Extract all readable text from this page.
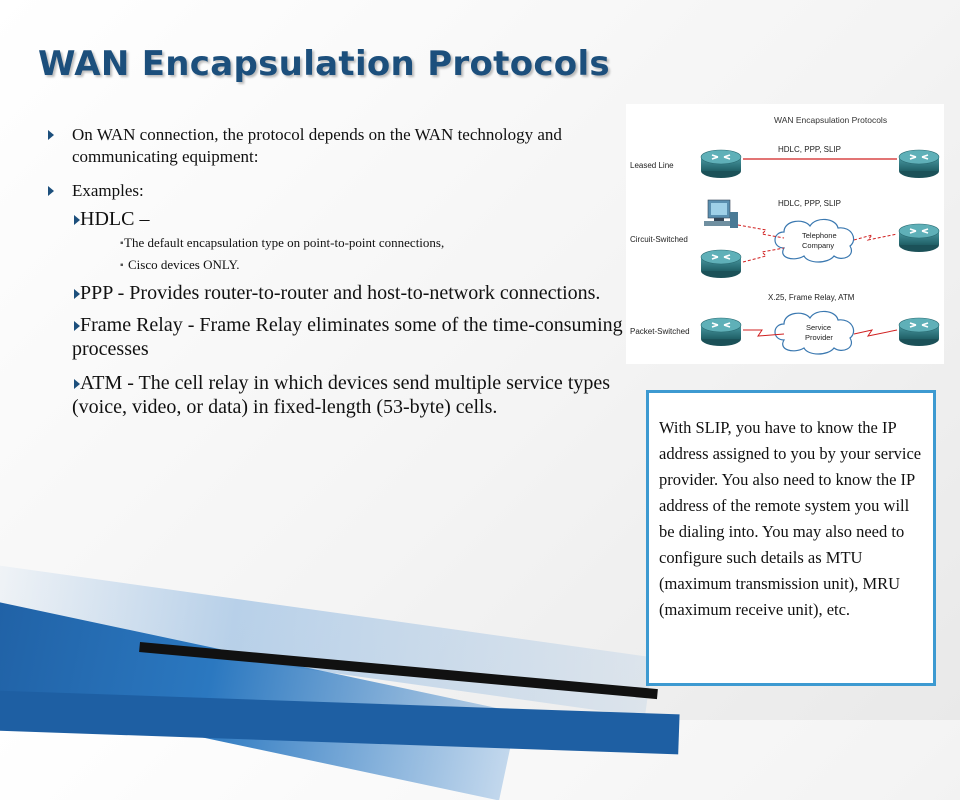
WAN Encapsulation Protocols

On WAN connection, the protocol depends on the WAN technology and communicating equipment:

Examples:

HDLC –

▪ The default encapsulation type on point-to-point connections,

▪ Cisco devices ONLY.

PPP - Provides router-to-router and host-to-network connections.

Frame Relay - Frame Relay eliminates some of the time-consuming processes

ATM - The cell relay in which devices send multiple service types (voice, video, or data) in fixed-length (53-byte) cells.

WAN Encapsulation Protocols
Leased Line
HDLC, PPP, SLIP
HDLC, PPP, SLIP
Circuit-Switched	Telephone
Company
X.25, Frame Relay, ATM
Packet-Switched	Service
Provider
With SLIP, you have to know the IP address assigned to you by your service provider. You also need to know the IP address of the remote system you will be dialing into. You may also need to configure such details as MTU (maximum transmission unit), MRU (maximum receive unit), etc.
